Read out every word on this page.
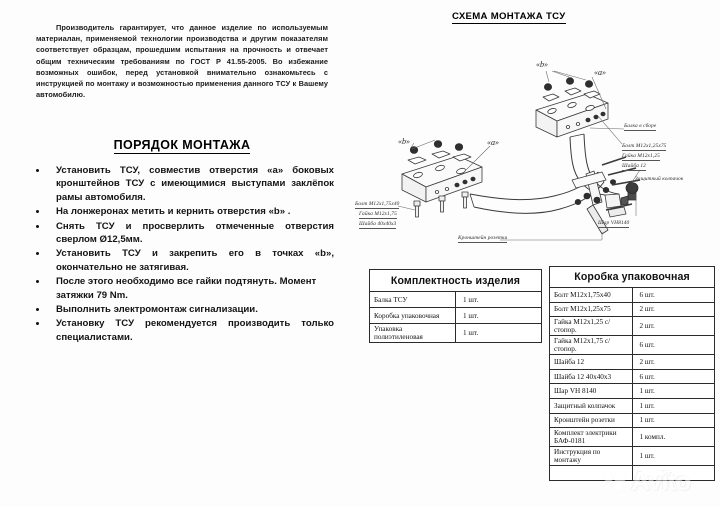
Производитель гарантирует, что данное изделие по используемым материалан, применяемой технологии производства и другим показателям соответствует образцам, прошедшим испытания на прочность и отвечает общим техническим требованиям по ГОСТ Р 41.55-2005. Во избежание возможных ошибок, перед установкой внимательно ознакомьтесь с инструкцией по монтажу и возможностью применения данного ТСУ к Вашему автомобилю.
ПОРЯДОК МОНТАЖА
Установить ТСУ, совместив отверстия «a» боковых кронштейнов ТСУ с имеющимися выступами заклёпок рамы автомобиля.
На лонжеронах метить и кернить отверстия «b» .
Снять ТСУ и просверлить отмеченные отверстия сверлом Ø12,5мм.
Установить ТСУ и закрепить его в точках «b», окончательно не затягивая.
После этого необходимо все гайки подтянуть. Момент затяжки 79 Nm.
Выполнить электромонтаж сигнализации.
Установку ТСУ рекомендуется производить только специалистами.
СХЕМА МОНТАЖА ТСУ
«b»
«a»
«b»	«a»
Балка в сборе
Болт M12x1,25x75
Гайка M12x1,25
Шайба 12
Защитный колпачок
Болт M12x1,75x40
Гайка M12x1,75
Шайба 40x40x3
Кронштейн розетки
Шар VH8140
Комплектность изделия	
Балка ТСУ	1 шт.
Коробка упаковочная	1 шт.
Упаковка полиэтиленовая	1 шт.
Коробка упаковочная	
Болт M12x1,75x40	6 шт.
Болт M12x1,25x75	2 шт.
Гайка M12x1,25 с/стопор.	2 шт.
Гайка M12x1,75 с/стопор.	6 шт.
Шайба 12	2 шт.
Шайба 12 40x40x3	6 шт.
Шар VH 8140	1 шт.
Защитный колпачок	1 шт.
Кронштейн розетки	1 шт.
Комплект электрики БАФ-0181	1 компл.
Инструкция по монтажу	1 шт.

Avito
